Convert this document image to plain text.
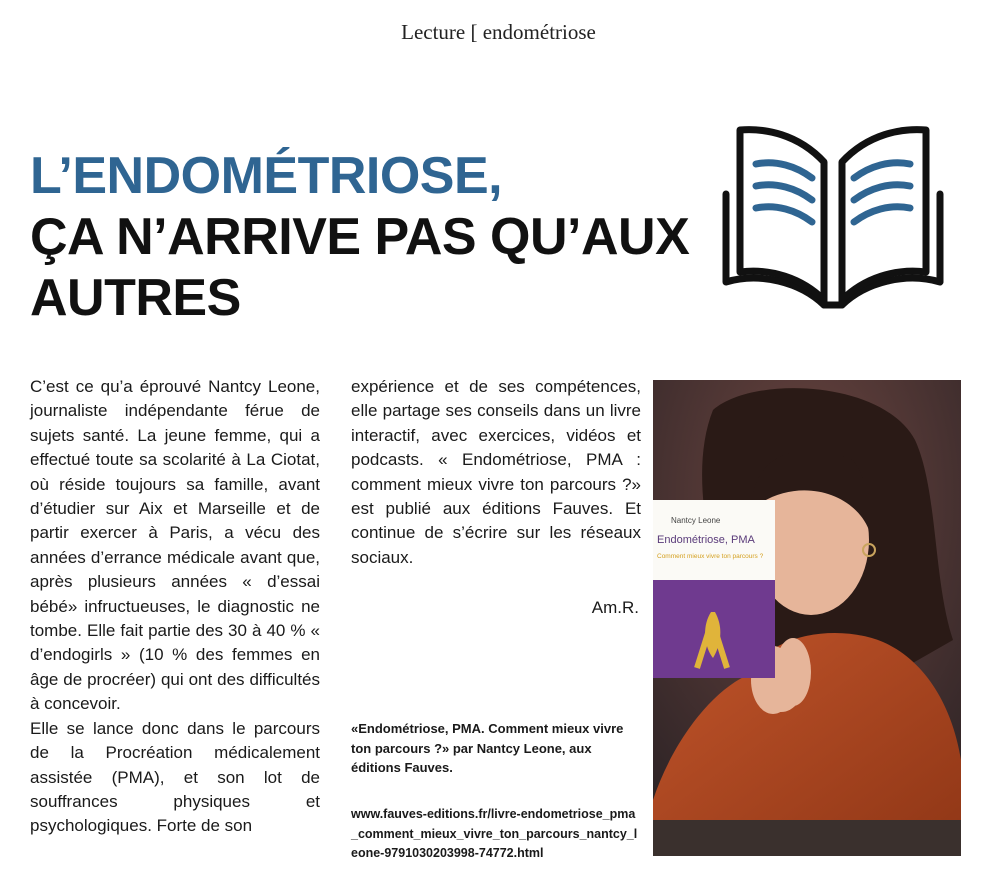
Lecture [ endométriose
L’ENDOMÉTRIOSE,
ÇA N’ARRIVE PAS QU’AUX
AUTRES

C’est ce qu’a éprouvé Nantcy Leone, journaliste indépendante férue de sujets santé. La jeune femme, qui a effectué toute sa scolarité à La Ciotat, où réside toujours sa famille, avant d’étudier sur Aix et Marseille et de partir exercer à Paris, a vécu des années d’errance médicale avant que, après plusieurs années « d’essai bébé» infructueuses, le diagnostic ne tombe. Elle fait partie des 30 à 40 % « d’endogirls » (10 % des femmes en âge de procréer) qui ont des difficultés à concevoir.

Elle se lance donc dans le parcours de la Procréation médicalement assistée (PMA), et son lot de souffrances physiques et psychologiques. Forte de son

expérience et de ses compétences, elle partage ses conseils dans un livre interactif, avec exercices, vidéos et podcasts. « Endométriose, PMA : comment mieux vivre ton parcours ?» est publié aux éditions Fauves. Et continue de s’écrire sur les réseaux sociaux.

Am.R.
«Endométriose, PMA. Comment mieux vivre ton parcours ?» par Nantcy Leone, aux éditions Fauves.
www.fauves-editions.fr/livre-endometriose_pma_comment_mieux_vivre_ton_parcours_nantcy_leone-9791030203998-74772.html
Nantcy Leone
Endométriose, PMA
Comment mieux vivre ton parcours ?
